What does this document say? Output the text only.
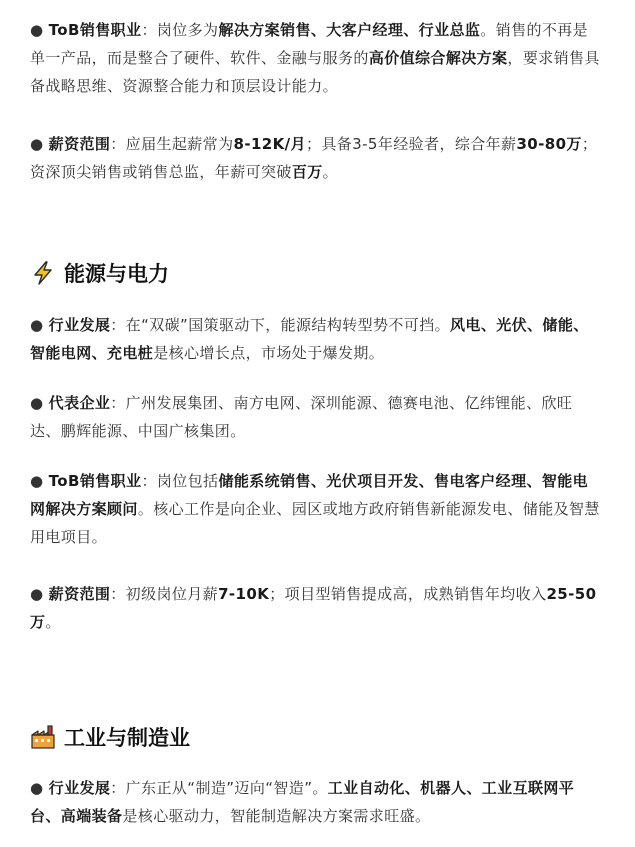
● ToB销售职业：岗位多为解决方案销售、大客户经理、行业总监。销售的不再是单一产品，而是整合了硬件、软件、金融与服务的高价值综合解决方案，要求销售具备战略思维、资源整合能力和顶层设计能力。

● 薪资范围：应届生起薪常为8-12K/月；具备3-5年经验者，综合年薪30-80万；资深顶尖销售或销售总监，年薪可突破百万。

能源与电力

● 行业发展：在“双碳”国策驱动下，能源结构转型势不可挡。风电、光伏、储能、智能电网、充电桩是核心增长点，市场处于爆发期。

● 代表企业：广州发展集团、南方电网、深圳能源、德赛电池、亿纬锂能、欣旺达、鹏辉能源、中国广核集团。

● ToB销售职业：岗位包括储能系统销售、光伏项目开发、售电客户经理、智能电网解决方案顾问。核心工作是向企业、园区或地方政府销售新能源发电、储能及智慧用电项目。

● 薪资范围：初级岗位月薪7-10K；项目型销售提成高，成熟销售年均收入25-50万。

工业与制造业

● 行业发展：广东正从“制造”迈向“智造”。工业自动化、机器人、工业互联网平台、高端装备是核心驱动力，智能制造解决方案需求旺盛。
